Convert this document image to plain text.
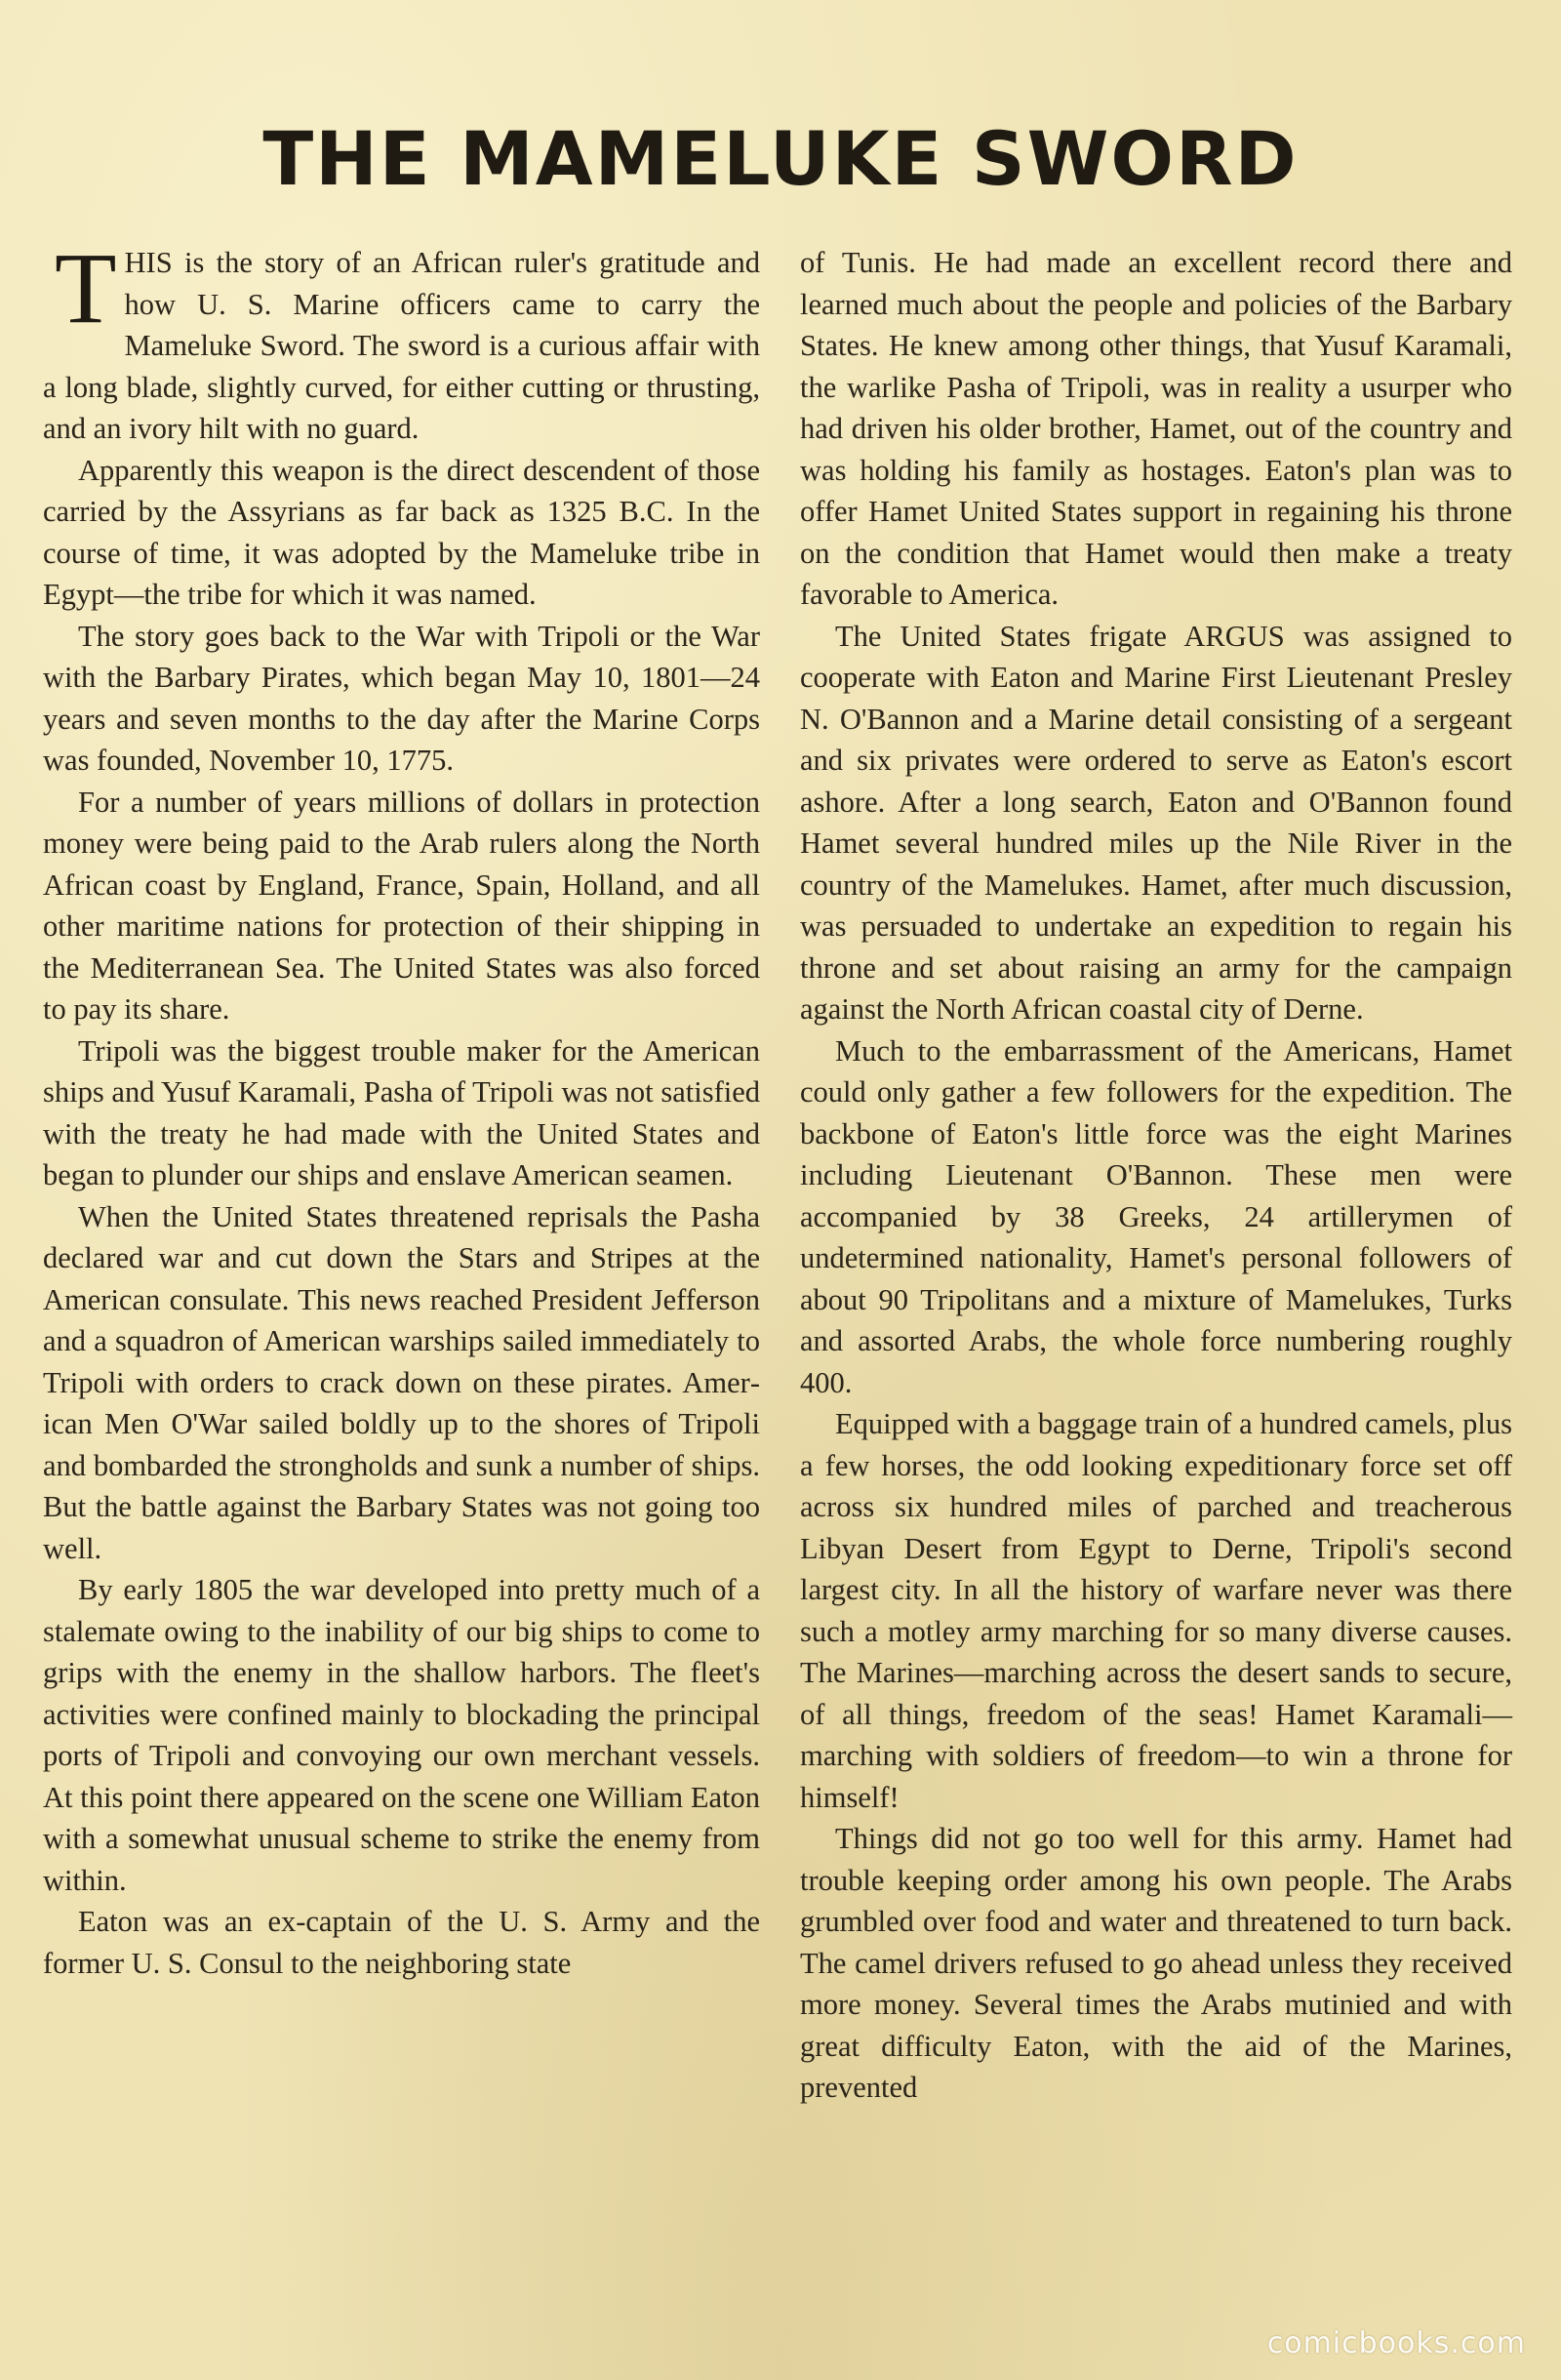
THE MAMELUKE SWORD

THIS is the story of an African ruler's gratitude and how U. S. Marine officers came to carry the Mameluke Sword. The sword is a curious affair with a long blade, slightly curved, for either cutting or thrusting, and an ivory hilt with no guard.

Apparently this weapon is the direct descendent of those carried by the Assyrians as far back as 1325 B.C. In the course of time, it was adopted by the Mameluke tribe in Egypt—the tribe for which it was named.

The story goes back to the War with Tripoli or the War with the Barbary Pirates, which began May 10, 1801—24 years and seven months to the day after the Marine Corps was founded, November 10, 1775.

For a number of years millions of dollars in protection money were being paid to the Arab rulers along the North African coast by England, France, Spain, Holland, and all other maritime nations for protection of their shipping in the Mediterranean Sea. The United States was also forced to pay its share.

Tripoli was the biggest trouble maker for the American ships and Yusuf Karamali, Pasha of Tripoli was not satisfied with the treaty he had made with the United States and began to plunder our ships and enslave American seamen.

When the United States threatened reprisals the Pasha declared war and cut down the Stars and Stripes at the American consulate. This news reached President Jefferson and a squadron of American warships sailed immediately to Tripoli with orders to crack down on these pirates. American Men O'War sailed boldly up to the shores of Tripoli and bombarded the strongholds and sunk a number of ships. But the battle against the Barbary States was not going too well.

By early 1805 the war developed into pretty much of a stalemate owing to the inability of our big ships to come to grips with the enemy in the shallow harbors. The fleet's activities were confined mainly to blockading the principal ports of Tripoli and convoying our own merchant vessels. At this point there appeared on the scene one William Eaton with a somewhat unusual scheme to strike the enemy from within.

Eaton was an ex-captain of the U. S. Army and the former U. S. Consul to the neighboring state

of Tunis. He had made an excellent record there and learned much about the people and policies of the Barbary States. He knew among other things, that Yusuf Karamali, the warlike Pasha of Tripoli, was in reality a usurper who had driven his older brother, Hamet, out of the country and was holding his family as hostages. Eaton's plan was to offer Hamet United States support in regaining his throne on the condition that Hamet would then make a treaty favorable to America.

The United States frigate ARGUS was assigned to cooperate with Eaton and Marine First Lieutenant Presley N. O'Bannon and a Marine detail consisting of a sergeant and six privates were ordered to serve as Eaton's escort ashore. After a long search, Eaton and O'Bannon found Hamet several hundred miles up the Nile River in the country of the Mamelukes. Hamet, after much discussion, was persuaded to undertake an expedition to regain his throne and set about raising an army for the campaign against the North African coastal city of Derne.

Much to the embarrassment of the Americans, Hamet could only gather a few followers for the expedition. The backbone of Eaton's little force was the eight Marines including Lieutenant O'Bannon. These men were accompanied by 38 Greeks, 24 artillerymen of undetermined nationality, Hamet's personal followers of about 90 Tripolitans and a mixture of Mamelukes, Turks and assorted Arabs, the whole force numbering roughly 400.

Equipped with a baggage train of a hundred camels, plus a few horses, the odd looking expeditionary force set off across six hundred miles of parched and treacherous Libyan Desert from Egypt to Derne, Tripoli's second largest city. In all the history of warfare never was there such a motley army marching for so many diverse causes. The Marines—marching across the desert sands to secure, of all things, freedom of the seas! Hamet Karamali—marching with soldiers of freedom—to win a throne for himself!

Things did not go too well for this army. Hamet had trouble keeping order among his own people. The Arabs grumbled over food and water and threatened to turn back. The camel drivers refused to go ahead unless they received more money. Several times the Arabs mutinied and with great difficulty Eaton, with the aid of the Marines, prevented

comicbooks.com
